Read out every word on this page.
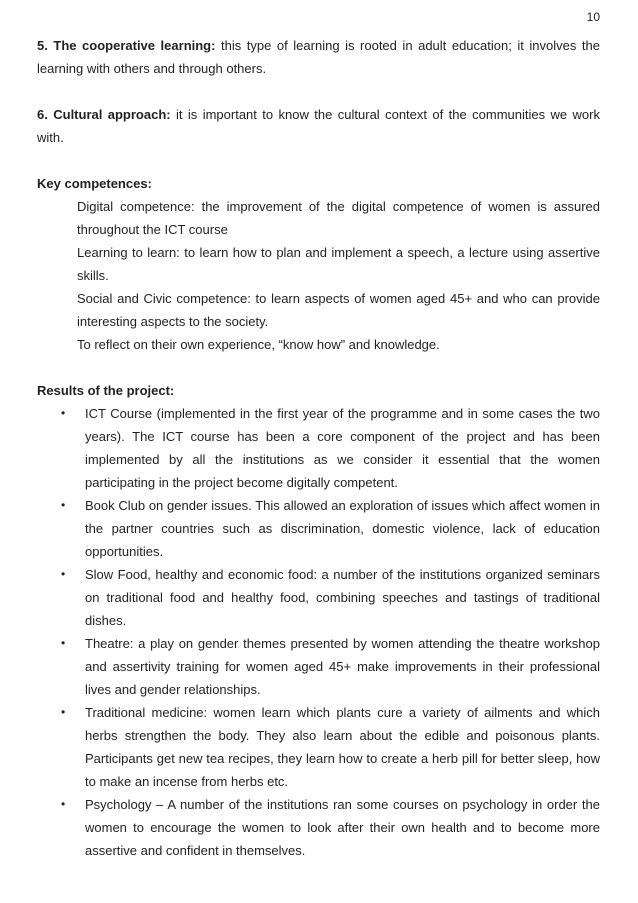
10

5. The cooperative learning: this type of learning is rooted in adult education; it involves the learning with others and through others.

6. Cultural approach: it is important to know the cultural context of the communities we work with.

Key competences:

Digital competence: the improvement of the digital competence of women is assured throughout the ICT course

Learning to learn: to learn how to plan and implement a speech, a lecture using assertive skills.

Social and Civic competence: to learn aspects of women aged 45+ and who can provide interesting aspects to the society.

To reflect on their own experience, “know how” and knowledge.

Results of the project:

• ICT Course (implemented in the first year of the programme and in some cases the two years). The ICT course has been a core component of the project and has been implemented by all the institutions as we consider it essential that the women participating in the project become digitally competent.
• Book Club on gender issues. This allowed an exploration of issues which affect women in the partner countries such as discrimination, domestic violence, lack of education opportunities.
• Slow Food, healthy and economic food: a number of the institutions organized seminars on traditional food and healthy food, combining speeches and tastings of traditional dishes.
• Theatre: a play on gender themes presented by women attending the theatre workshop and assertivity training for women aged 45+ make improvements in their professional lives and gender relationships.
• Traditional medicine: women learn which plants cure a variety of ailments and which herbs strengthen the body. They also learn about the edible and poisonous plants. Participants get new tea recipes, they learn how to create a herb pill for better sleep, how to make an incense from herbs etc.
• Psychology – A number of the institutions ran some courses on psychology in order the women to encourage the women to look after their own health and to become more assertive and confident in themselves.
